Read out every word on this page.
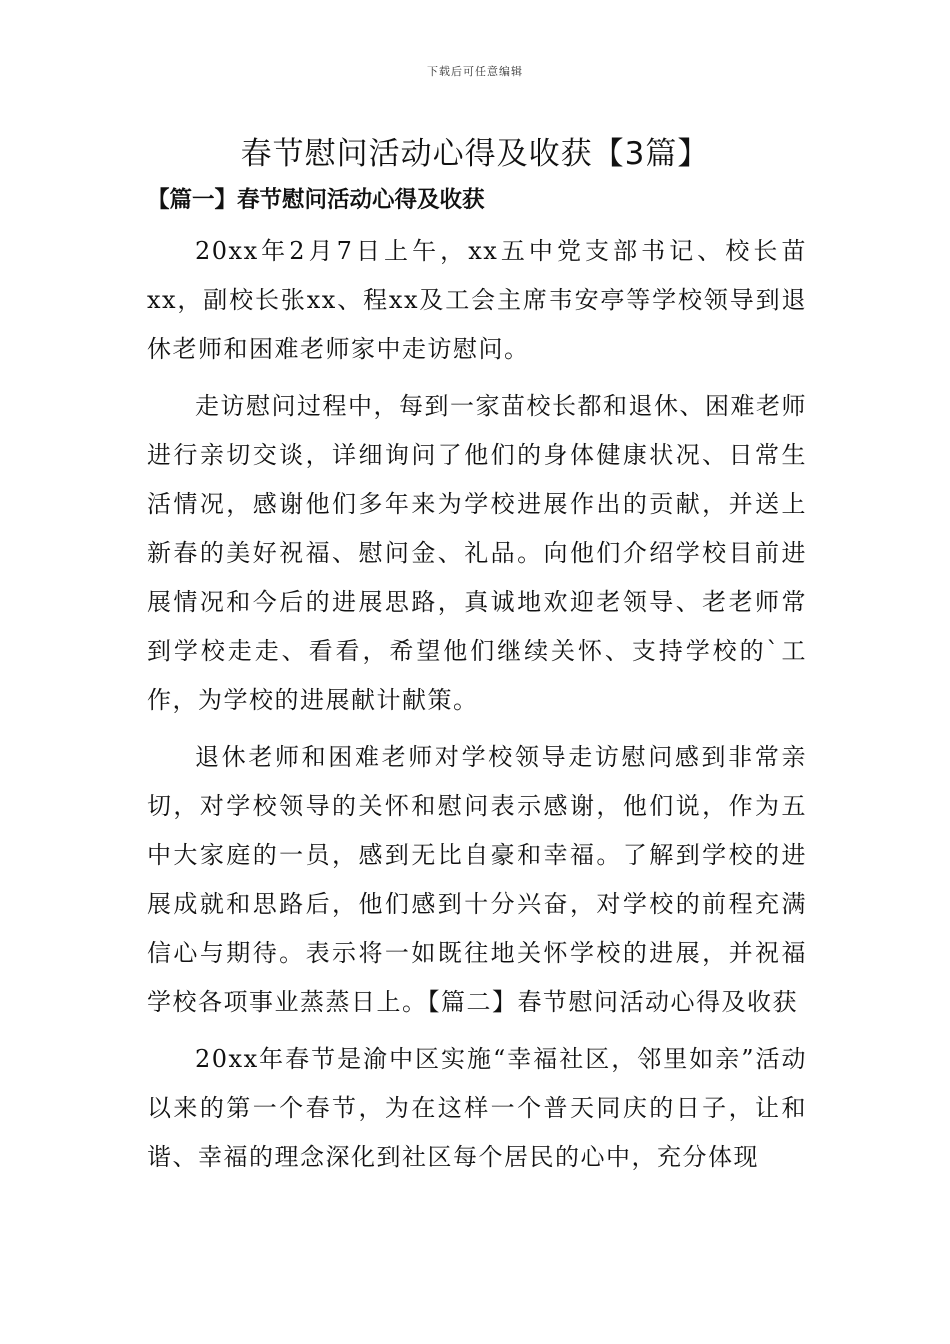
下载后可任意编辑
春节慰问活动心得及收获【3篇】
【篇一】春节慰问活动心得及收获

20xx年2月7日上午，xx五中党支部书记、校长苗xx，副校长张xx、程xx及工会主席韦安亭等学校领导到退休老师和困难老师家中走访慰问。

走访慰问过程中，每到一家苗校长都和退休、困难老师进行亲切交谈，详细询问了他们的身体健康状况、日常生活情况，感谢他们多年来为学校进展作出的贡献，并送上新春的美好祝福、慰问金、礼品。向他们介绍学校目前进展情况和今后的进展思路，真诚地欢迎老领导、老老师常到学校走走、看看，希望他们继续关怀、支持学校的`工作，为学校的进展献计献策。

退休老师和困难老师对学校领导走访慰问感到非常亲切，对学校领导的关怀和慰问表示感谢，他们说，作为五中大家庭的一员，感到无比自豪和幸福。了解到学校的进展成就和思路后，他们感到十分兴奋，对学校的前程充满信心与期待。表示将一如既往地关怀学校的进展，并祝福学校各项事业蒸蒸日上。【篇二】春节慰问活动心得及收获

20xx年春节是渝中区实施“幸福社区，邻里如亲”活动以来的第一个春节，为在这样一个普天同庆的日子，让和谐、幸福的理念深化到社区每个居民的心中，充分体现
